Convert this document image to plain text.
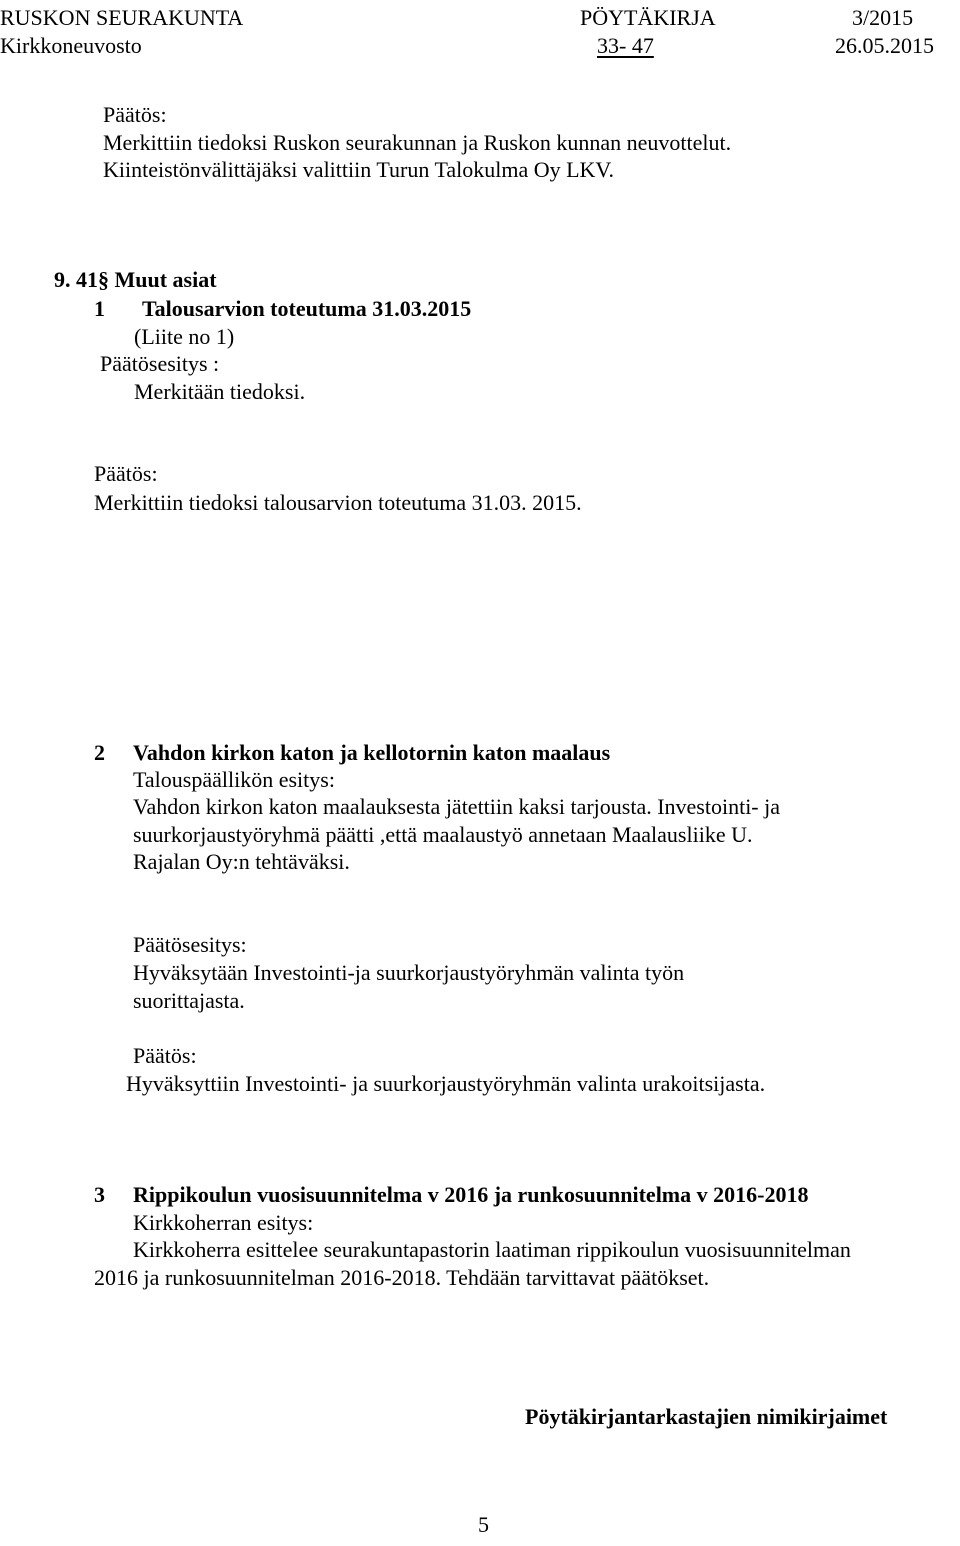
RUSKON SEURAKUNTA	PÖYTÄKIRJA	3/2015
Kirkkoneuvosto	33- 47	26.05.2015
Päätös:
Merkittiin tiedoksi Ruskon seurakunnan ja Ruskon kunnan neuvottelut.
Kiinteistönvälittäjäksi valittiin Turun Talokulma Oy LKV.
9. 41§ Muut asiat
1 Talousarvion toteutuma 31.03.2015
(Liite no 1)
Päätösesitys :
Merkitään tiedoksi.
Päätös:
Merkittiin tiedoksi talousarvion toteutuma 31.03. 2015.
2 Vahdon kirkon katon ja kellotornin katon maalaus
Talouspäällikön esitys:
Vahdon kirkon katon maalauksesta jätettiin kaksi tarjousta. Investointi- ja
suurkorjaustyöryhmä päätti ,että maalaustyö annetaan Maalausliike U.
Rajalan Oy:n tehtäväksi.
Päätösesitys:
Hyväksytään Investointi-ja suurkorjaustyöryhmän valinta työn
suorittajasta.
Päätös:
Hyväksyttiin Investointi- ja suurkorjaustyöryhmän valinta urakoitsijasta.
3 Rippikoulun vuosisuunnitelma v 2016 ja runkosuunnitelma v 2016-2018
Kirkkoherran esitys:
Kirkkoherra esittelee seurakuntapastorin laatiman rippikoulun vuosisuunnitelman
2016 ja runkosuunnitelman 2016-2018. Tehdään tarvittavat päätökset.
Pöytäkirjantarkastajien nimikirjaimet
5
